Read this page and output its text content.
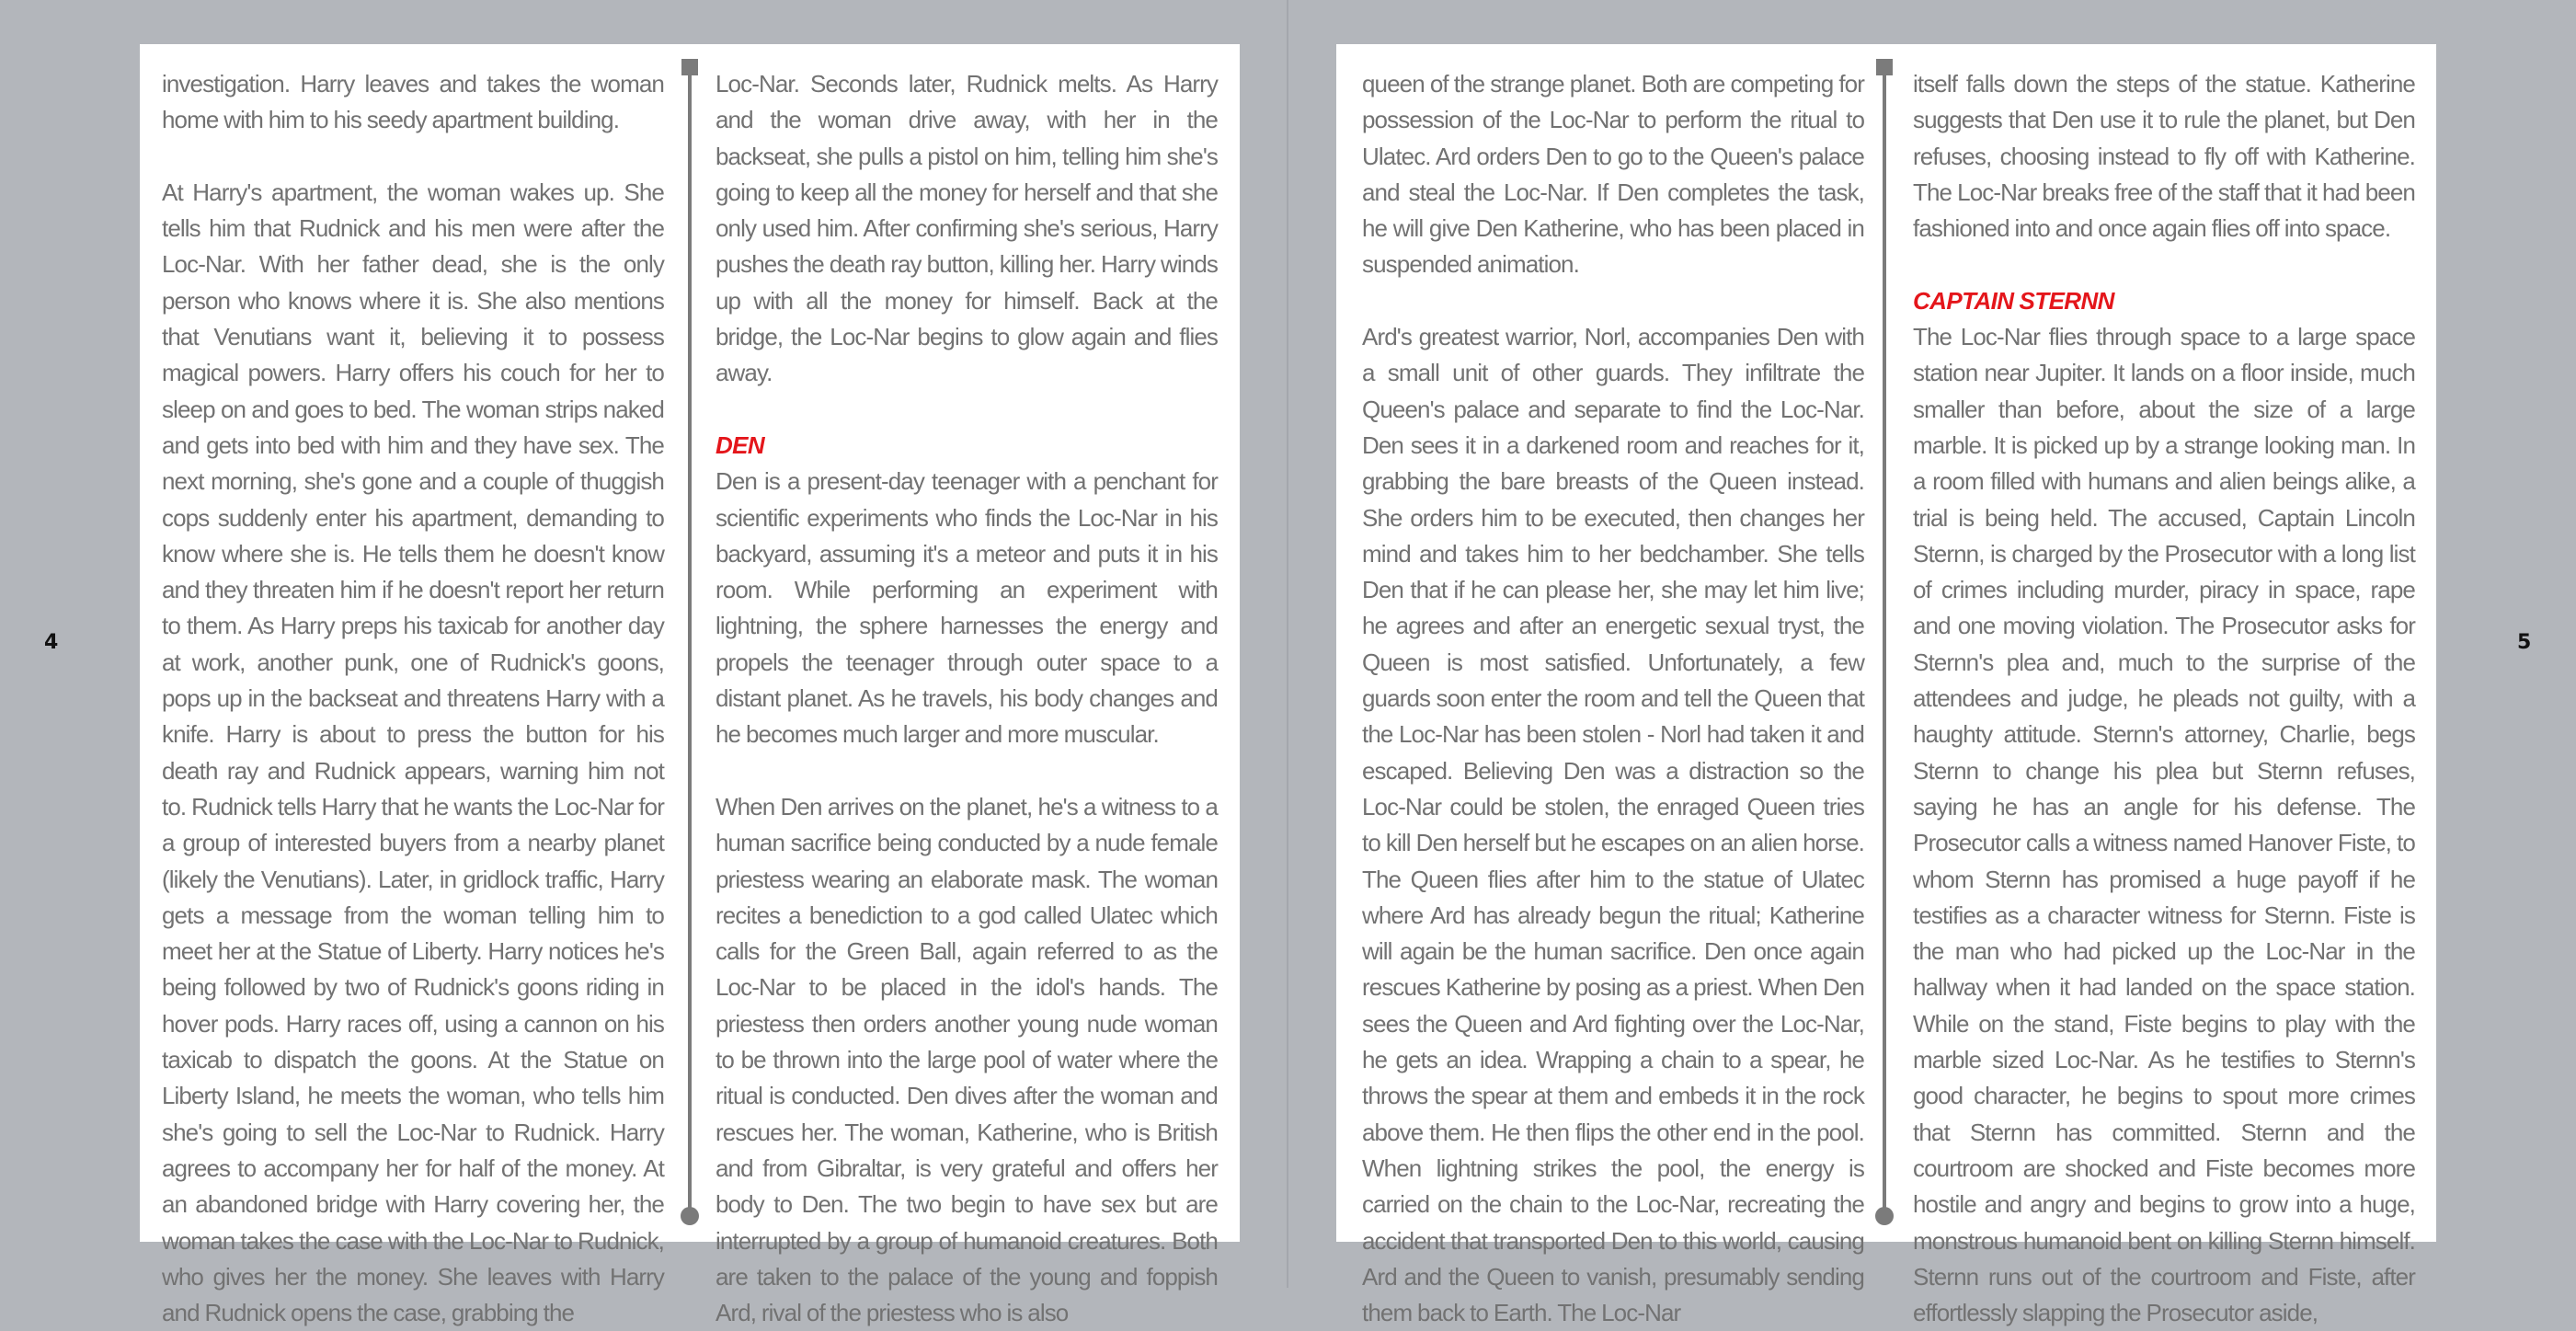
4

investigation. Harry leaves and takes the woman home with him to his seedy apartment building.

At Harry's apartment, the woman wakes up. She tells him that Rudnick and his men were after the Loc-Nar. With her father dead, she is the only person who knows where it is. She also mentions that Venutians want it, believing it to possess magical powers. Harry offers his couch for her to sleep on and goes to bed. The woman strips naked and gets into bed with him and they have sex. The next morning, she's gone and a couple of thuggish cops suddenly enter his apartment, demanding to know where she is. He tells them he doesn't know and they threaten him if he doesn't report her return to them. As Harry preps his taxicab for another day at work, another punk, one of Rudnick's goons, pops up in the backseat and threatens Harry with a knife. Harry is about to press the button for his death ray and Rudnick appears, warning him not to. Rudnick tells Harry that he wants the Loc-Nar for a group of interested buyers from a nearby planet (likely the Venutians). Later, in gridlock traffic, Harry gets a message from the woman telling him to meet her at the Statue of Liberty. Harry notices he's being followed by two of Rudnick's goons riding in hover pods. Harry races off, using a cannon on his taxicab to dispatch the goons. At the Statue on Liberty Island, he meets the woman, who tells him she's going to sell the Loc-Nar to Rudnick. Harry agrees to accompany her for half of the money. At an abandoned bridge with Harry covering her, the woman takes the case with the Loc-Nar to Rudnick, who gives her the money. She leaves with Harry and Rudnick opens the case, grabbing the

Loc-Nar. Seconds later, Rudnick melts. As Harry and the woman drive away, with her in the backseat, she pulls a pistol on him, telling him she's going to keep all the money for herself and that she only used him. After confirming she's serious, Harry pushes the death ray button, killing her. Harry winds up with all the money for himself. Back at the bridge, the Loc-Nar begins to glow again and flies away.

DEN

Den is a present-day teenager with a penchant for scientific experiments who finds the Loc-Nar in his backyard, assuming it's a meteor and puts it in his room. While performing an experiment with lightning, the sphere harnesses the energy and propels the teenager through outer space to a distant planet. As he travels, his body changes and he becomes much larger and more muscular.

When Den arrives on the planet, he's a witness to a human sacrifice being conducted by a nude female priestess wearing an elaborate mask. The woman recites a benediction to a god called Ulatec which calls for the Green Ball, again referred to as the Loc-Nar to be placed in the idol's hands. The priestess then orders another young nude woman to be thrown into the large pool of water where the ritual is conducted. Den dives after the woman and rescues her. The woman, Katherine, who is British and from Gibraltar, is very grateful and offers her body to Den. The two begin to have sex but are interrupted by a group of humanoid creatures. Both are taken to the palace of the young and foppish Ard, rival of the priestess who is also

queen of the strange planet. Both are competing for possession of the Loc-Nar to perform the ritual to Ulatec. Ard orders Den to go to the Queen's palace and steal the Loc-Nar. If Den completes the task, he will give Den Katherine, who has been placed in suspended animation.

Ard's greatest warrior, Norl, accompanies Den with a small unit of other guards. They infiltrate the Queen's palace and separate to find the Loc-Nar. Den sees it in a darkened room and reaches for it, grabbing the bare breasts of the Queen instead. She orders him to be executed, then changes her mind and takes him to her bedchamber. She tells Den that if he can please her, she may let him live; he agrees and after an energetic sexual tryst, the Queen is most satisfied. Unfortunately, a few guards soon enter the room and tell the Queen that the Loc-Nar has been stolen - Norl had taken it and escaped. Believing Den was a distraction so the Loc-Nar could be stolen, the enraged Queen tries to kill Den herself but he escapes on an alien horse. The Queen flies after him to the statue of Ulatec where Ard has already begun the ritual; Katherine will again be the human sacrifice. Den once again rescues Katherine by posing as a priest. When Den sees the Queen and Ard fighting over the Loc-Nar, he gets an idea. Wrapping a chain to a spear, he throws the spear at them and embeds it in the rock above them. He then flips the other end in the pool. When lightning strikes the pool, the energy is carried on the chain to the Loc-Nar, recreating the accident that transported Den to this world, causing Ard and the Queen to vanish, presumably sending them back to Earth. The Loc-Nar

itself falls down the steps of the statue. Katherine suggests that Den use it to rule the planet, but Den refuses, choosing instead to fly off with Katherine. The Loc-Nar breaks free of the staff that it had been fashioned into and once again flies off into space.

CAPTAIN STERNN

The Loc-Nar flies through space to a large space station near Jupiter. It lands on a floor inside, much smaller than before, about the size of a large marble. It is picked up by a strange looking man. In a room filled with humans and alien beings alike, a trial is being held. The accused, Captain Lincoln Sternn, is charged by the Prosecutor with a long list of crimes including murder, piracy in space, rape and one moving violation. The Prosecutor asks for Sternn's plea and, much to the surprise of the attendees and judge, he pleads not guilty, with a haughty attitude. Sternn's attorney, Charlie, begs Sternn to change his plea but Sternn refuses, saying he has an angle for his defense. The Prosecutor calls a witness named Hanover Fiste, to whom Sternn has promised a huge payoff if he testifies as a character witness for Sternn. Fiste is the man who had picked up the Loc-Nar in the hallway when it had landed on the space station. While on the stand, Fiste begins to play with the marble sized Loc-Nar. As he testifies to Sternn's good character, he begins to spout more crimes that Sternn has committed. Sternn and the courtroom are shocked and Fiste becomes more hostile and angry and begins to grow into a huge, monstrous humanoid bent on killing Sternn himself. Sternn runs out of the courtroom and Fiste, after effortlessly slapping the Prosecutor aside,

5
